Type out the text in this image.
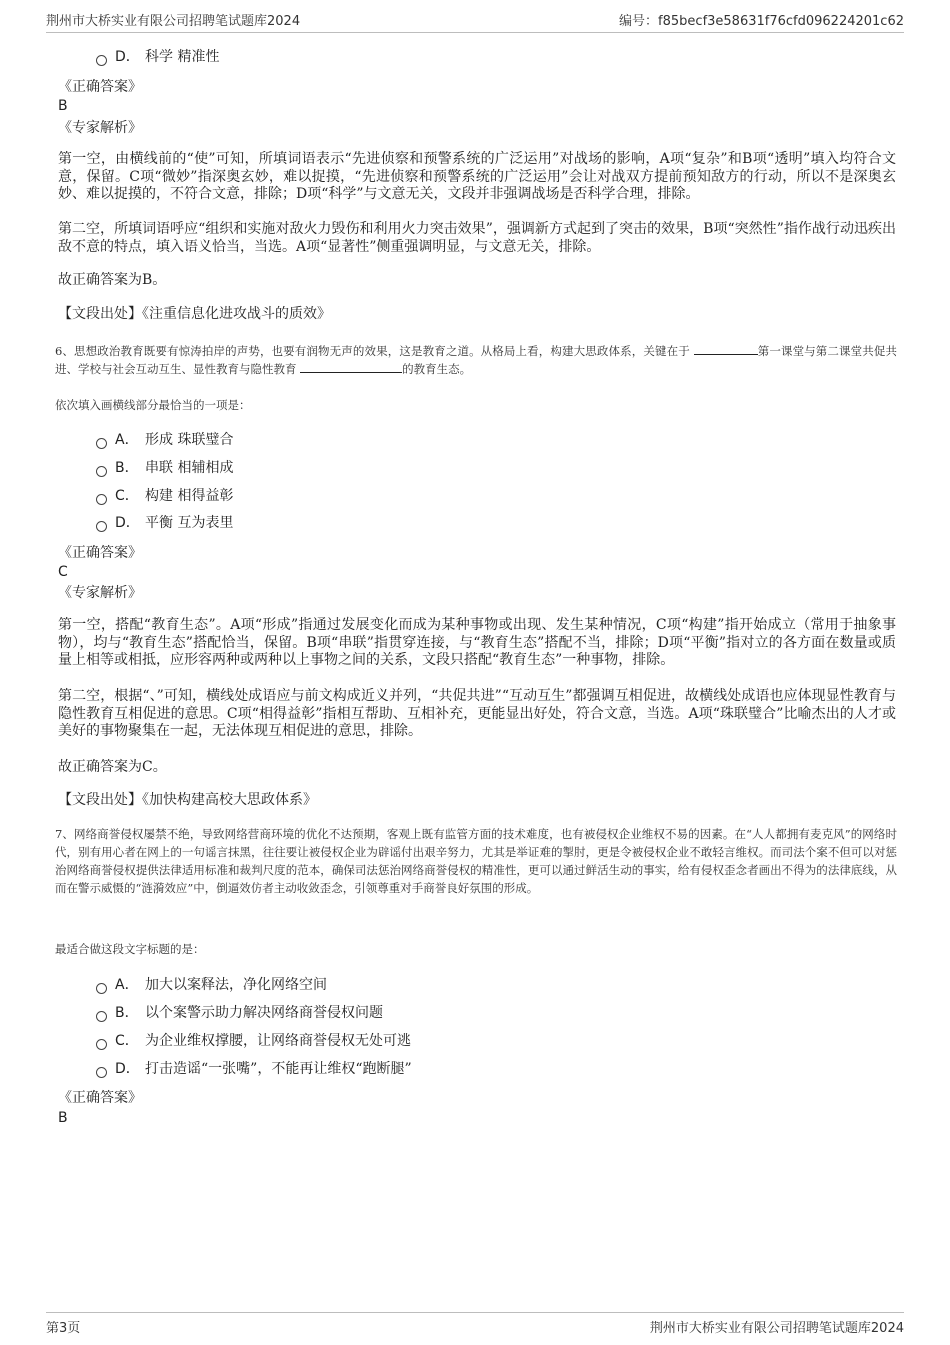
荆州市大桥实业有限公司招聘笔试题库2024	编号：f85becf3e58631f76cfd096224201c62
D． 科学 精准性
《正确答案》
B
《专家解析》

第一空，由横线前的“使”可知，所填词语表示“先进侦察和预警系统的广泛运用”对战场的影响，A项“复杂”和B项“透明”填入均符合文意，保留。C项“微妙”指深奥玄妙，难以捉摸，“先进侦察和预警系统的广泛运用”会让对战双方提前预知敌方的行动，所以不是深奥玄妙、难以捉摸的，不符合文意，排除；D项“科学”与文意无关，文段并非强调战场是否科学合理，排除。

第二空，所填词语呼应“组织和实施对敌火力毁伤和利用火力突击效果”，强调新方式起到了突击的效果，B项“突然性”指作战行动迅疾出敌不意的特点，填入语义恰当，当选。A项“显著性”侧重强调明显，与文意无关，排除。

故正确答案为B。

【文段出处】《注重信息化进攻战斗的质效》

6、思想政治教育既要有惊涛拍岸的声势，也要有润物无声的效果，这是教育之道。从格局上看，构建大思政体系，关键在于	第一课堂与第二课堂共促共进、学校与社会互动互生、显性教育与隐性教育	的教育生态。

依次填入画横线部分最恰当的一项是：
A． 形成 珠联璧合
B． 串联 相辅相成
C． 构建 相得益彰
D． 平衡 互为表里
《正确答案》
C
《专家解析》

第一空，搭配“教育生态”。A项“形成”指通过发展变化而成为某种事物或出现、发生某种情况，C项“构建”指开始成立（常用于抽象事物），均与“教育生态”搭配恰当，保留。B项“串联”指贯穿连接，与“教育生态”搭配不当，排除；D项“平衡”指对立的各方面在数量或质量上相等或相抵，应形容两种或两种以上事物之间的关系，文段只搭配“教育生态”一种事物，排除。

第二空，根据“、”可知，横线处成语应与前文构成近义并列，“共促共进”“互动互生”都强调互相促进，故横线处成语也应体现显性教育与隐性教育互相促进的意思。C项“相得益彰”指相互帮助、互相补充，更能显出好处，符合文意，当选。A项“珠联璧合”比喻杰出的人才或美好的事物聚集在一起，无法体现互相促进的意思，排除。

故正确答案为C。

【文段出处】《加快构建高校大思政体系》

7、网络商誉侵权屡禁不绝，导致网络营商环境的优化不达预期，客观上既有监管方面的技术难度，也有被侵权企业维权不易的因素。在“人人都拥有麦克风”的网络时代，别有用心者在网上的一句谣言抹黑，往往要让被侵权企业为辟谣付出艰辛努力，尤其是举证难的掣肘，更是令被侵权企业不敢轻言维权。而司法个案不但可以对惩治网络商誉侵权提供法律适用标准和裁判尺度的范本，确保司法惩治网络商誉侵权的精准性，更可以通过鲜活生动的事实，给有侵权歪念者画出不得为的法律底线，从而在警示威慑的“涟漪效应”中，倒逼效仿者主动收敛歪念，引领尊重对手商誉良好氛围的形成。

最适合做这段文字标题的是：
A． 加大以案释法，净化网络空间
B． 以个案警示助力解决网络商誉侵权问题
C． 为企业维权撑腰，让网络商誉侵权无处可逃
D． 打击造谣“一张嘴”，不能再让维权“跑断腿”
《正确答案》
B
第3页	荆州市大桥实业有限公司招聘笔试题库2024
